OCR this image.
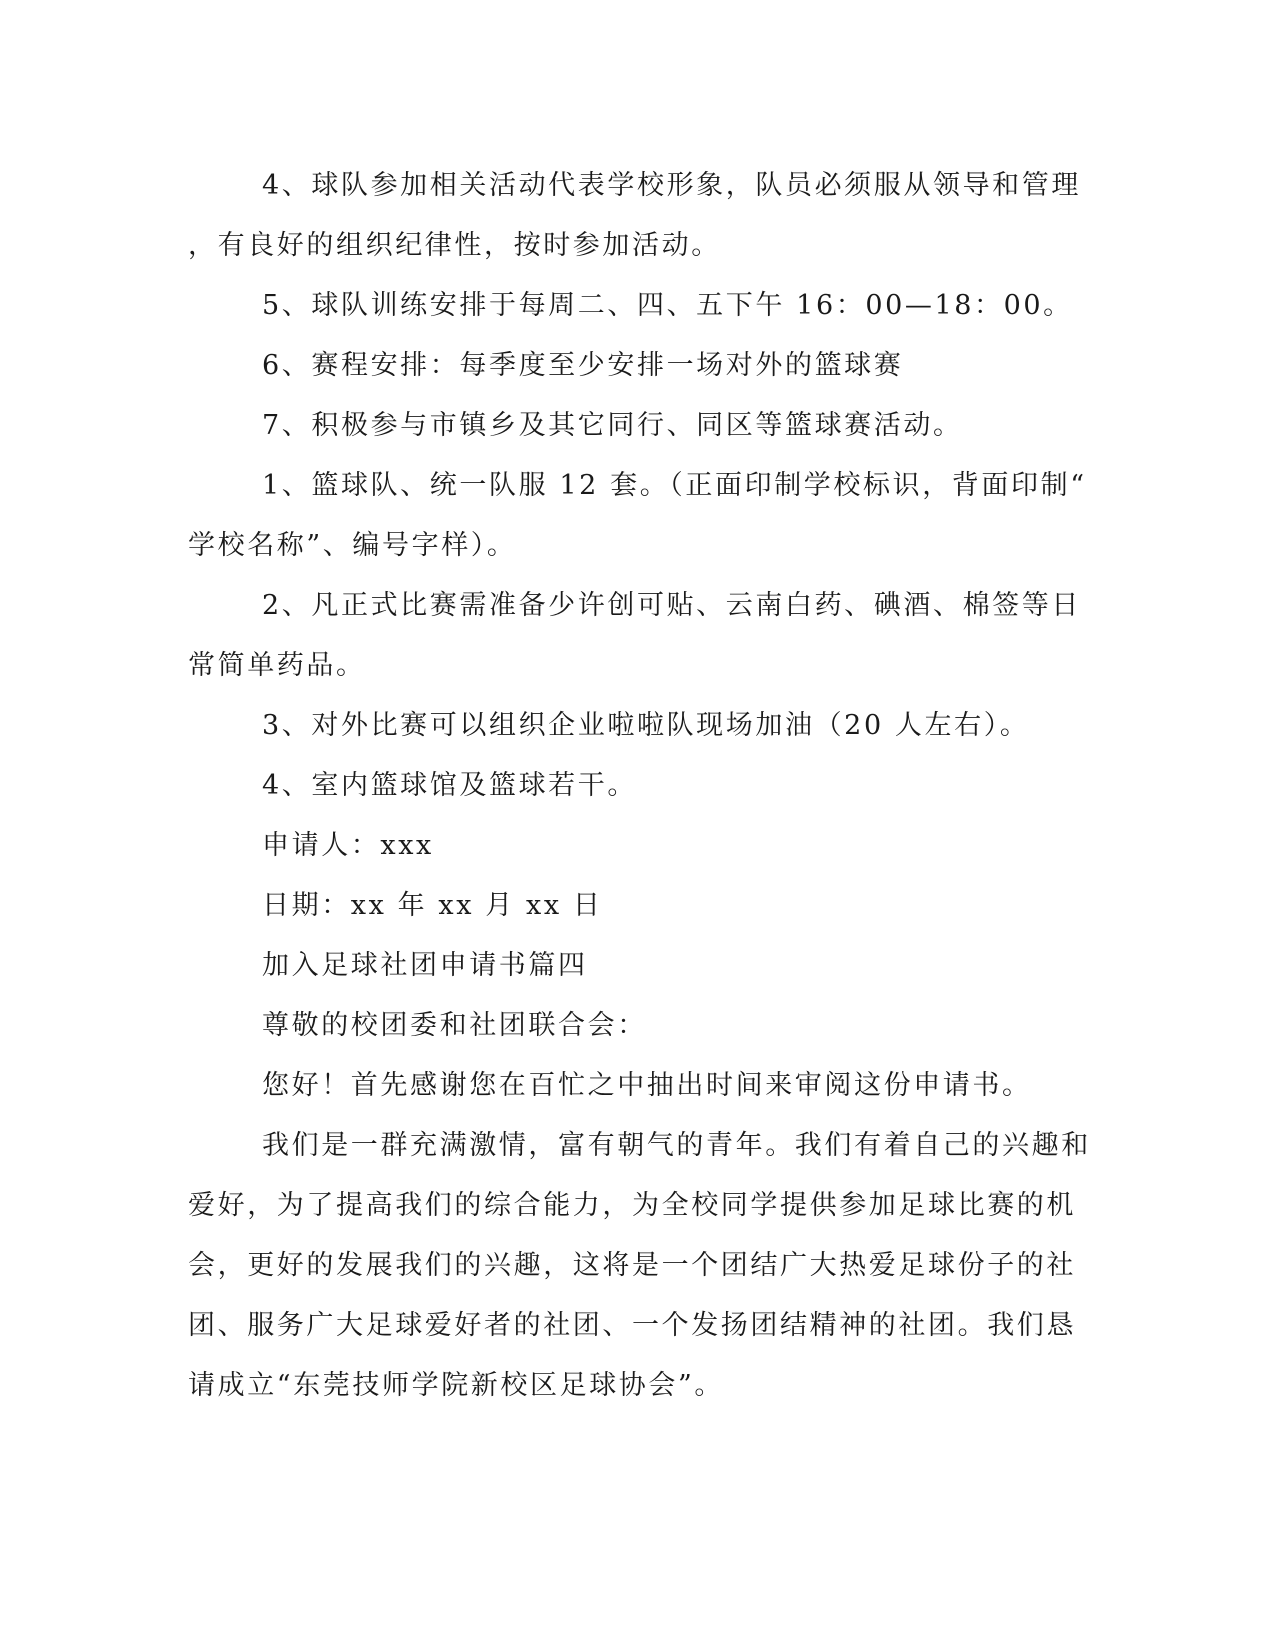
4、球队参加相关活动代表学校形象，队员必须服从领导和管理
，有良好的组织纪律性，按时参加活动。
5、球队训练安排于每周二、四、五下午 16：00—18：00。
6、赛程安排：每季度至少安排一场对外的篮球赛
7、积极参与市镇乡及其它同行、同区等篮球赛活动。
1、篮球队、统一队服 12 套。（正面印制学校标识，背面印制“
学校名称”、编号字样）。
2、凡正式比赛需准备少许创可贴、云南白药、碘酒、棉签等日
常简单药品。
3、对外比赛可以组织企业啦啦队现场加油（20 人左右）。
4、室内篮球馆及篮球若干。
申请人：xxx
日期：xx 年 xx 月 xx 日
加入足球社团申请书篇四
尊敬的校团委和社团联合会：
您好！首先感谢您在百忙之中抽出时间来审阅这份申请书。
我们是一群充满激情，富有朝气的青年。我们有着自己的兴趣和
爱好，为了提高我们的综合能力，为全校同学提供参加足球比赛的机
会，更好的发展我们的兴趣，这将是一个团结广大热爱足球份子的社
团、服务广大足球爱好者的社团、一个发扬团结精神的社团。我们恳
请成立“东莞技师学院新校区足球协会”。
